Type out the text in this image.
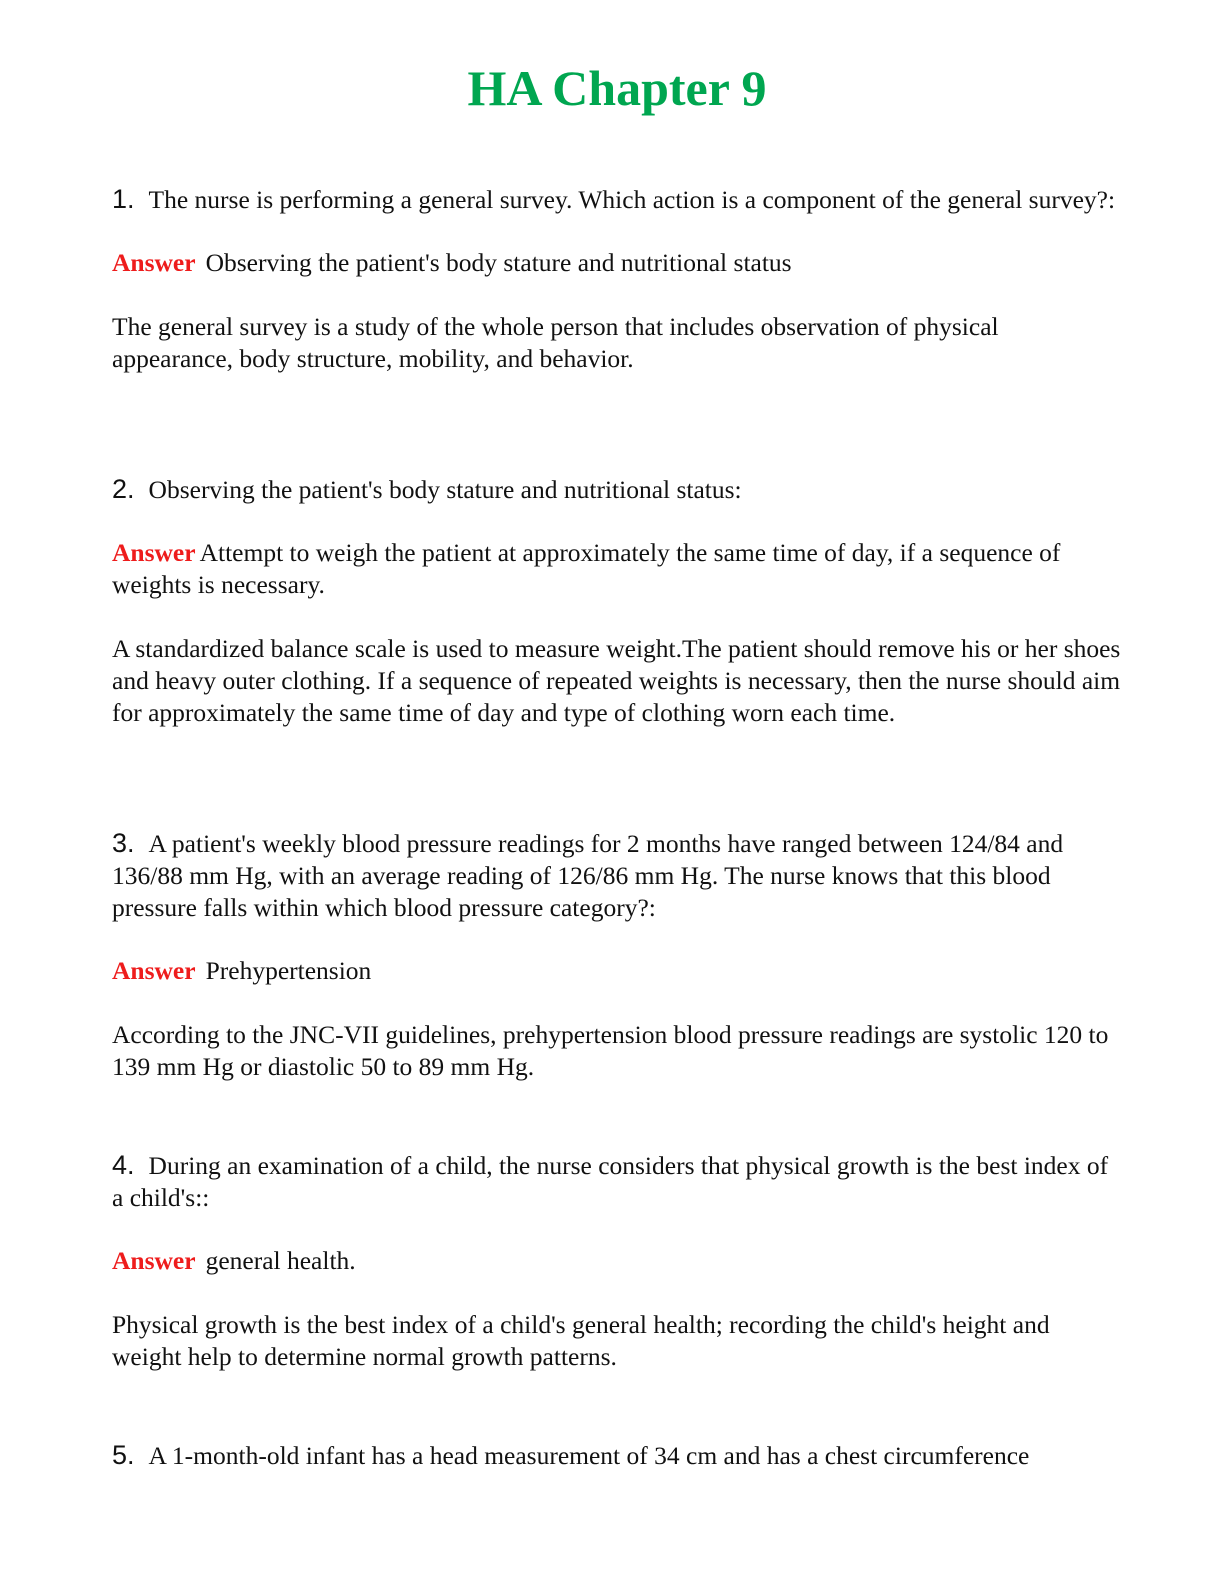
HA Chapter 9

1. The nurse is performing a general survey. Which action is a component of the general survey?:

Answer Observing the patient's body stature and nutritional status

The general survey is a study of the whole person that includes observation of physical appearance, body structure, mobility, and behavior.

2. Observing the patient's body stature and nutritional status:

Answer Attempt to weigh the patient at approximately the same time of day, if a sequence of weights is necessary.

A standardized balance scale is used to measure weight.The patient should remove his or her shoes and heavy outer clothing. If a sequence of repeated weights is necessary, then the nurse should aim for approximately the same time of day and type of clothing worn each time.

3. A patient's weekly blood pressure readings for 2 months have ranged between 124/84 and 136/88 mm Hg, with an average reading of 126/86 mm Hg. The nurse knows that this blood pressure falls within which blood pressure category?:

Answer Prehypertension

According to the JNC-VII guidelines, prehypertension blood pressure readings are systolic 120 to 139 mm Hg or diastolic 50 to 89 mm Hg.

4. During an examination of a child, the nurse considers that physical growth is the best index of a child's::

Answer general health.

Physical growth is the best index of a child's general health; recording the child's height and weight help to determine normal growth patterns.

5. A 1-month-old infant has a head measurement of 34 cm and has a chest circumference
